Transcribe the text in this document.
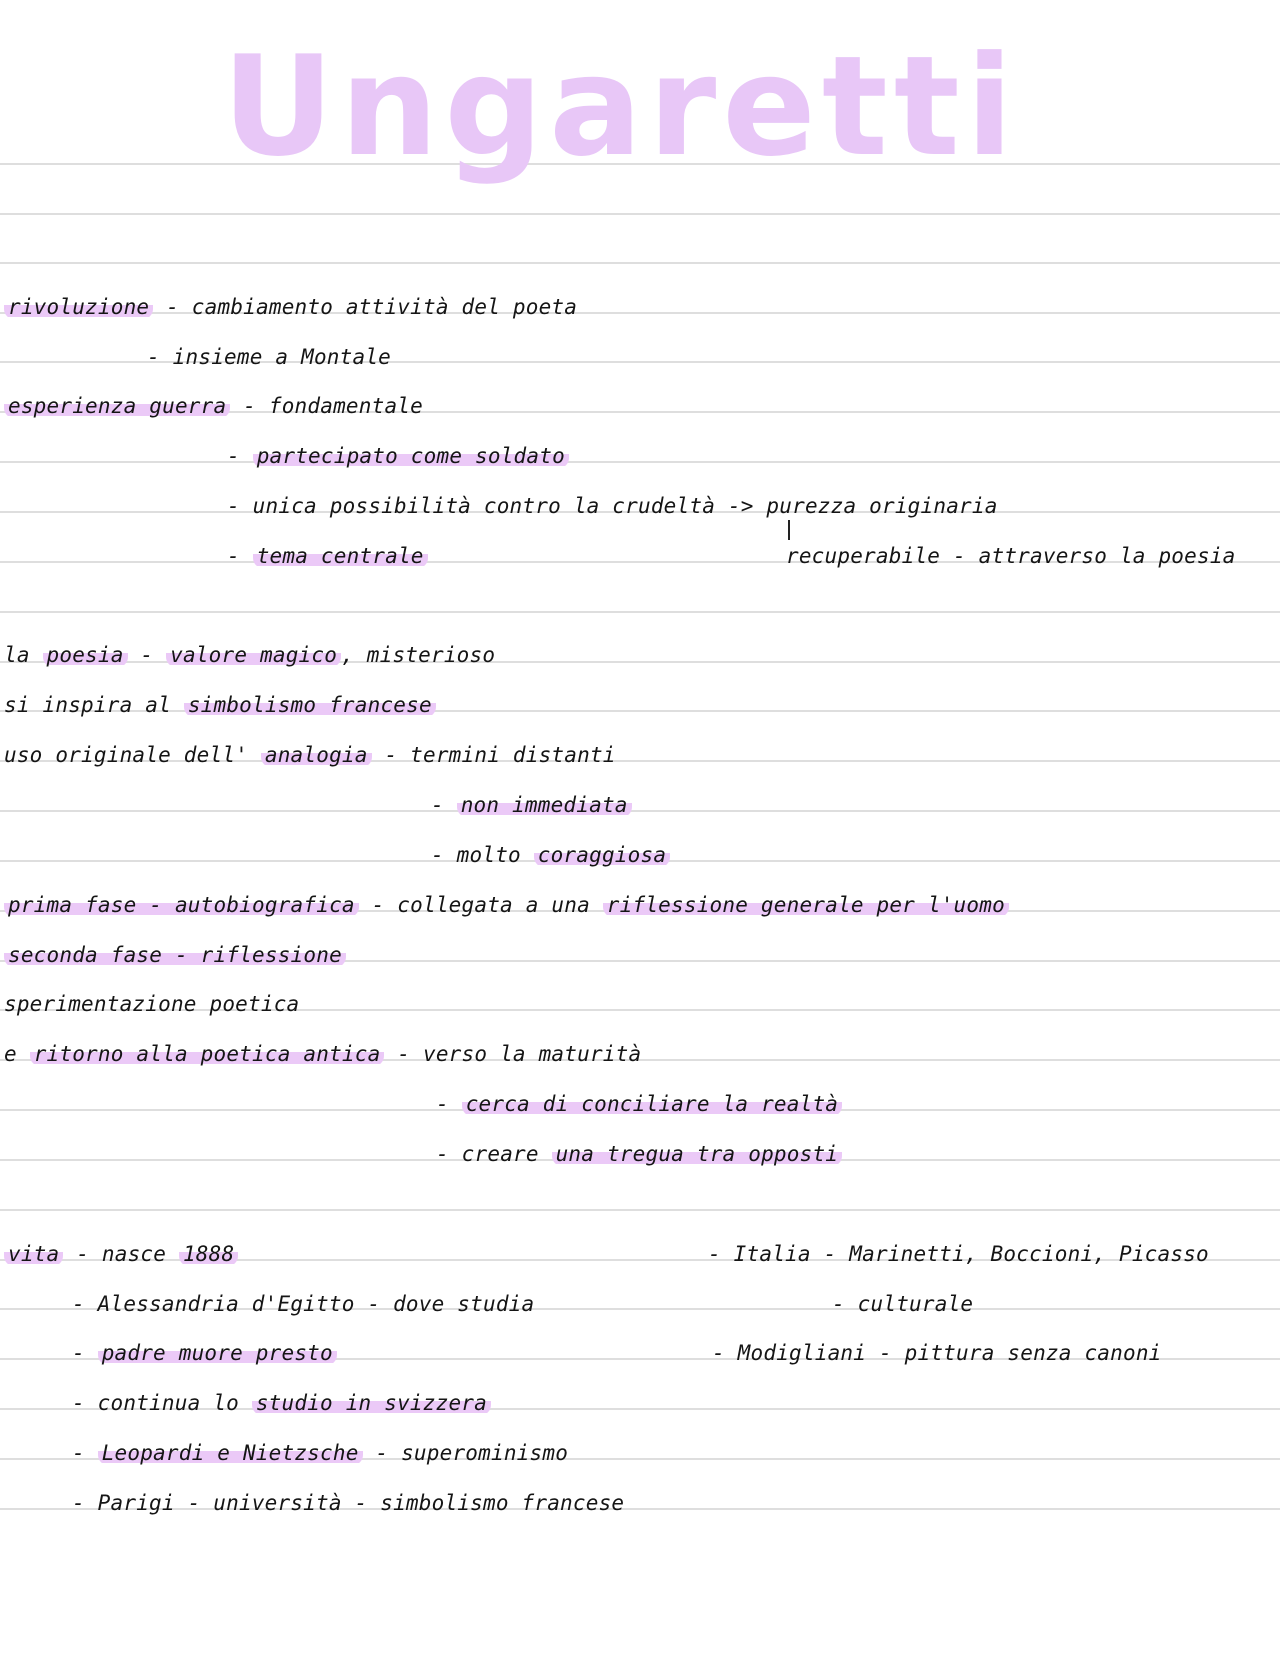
Ungaretti
rivoluzione - cambiamento attività del poeta
- insieme a Montale
esperienza guerra - fondamentale
- partecipato come soldato
- unica possibilità contro la crudeltà -> purezza originaria
- tema centrale	recuperabile - attraverso la poesia
la poesia - valore magico , misterioso
si inspira al simbolismo francese
uso originale dell' analogia - termini distanti
- non immediata
- molto coraggiosa
prima fase - autobiografica - collegata a una riflessione generale per l'uomo
seconda fase - riflessione
sperimentazione poetica
e ritorno alla poetica antica - verso la maturità
- cerca di conciliare la realtà
- creare una tregua tra opposti
vita - nasce 1888
- Alessandria d'Egitto - dove studia
- padre muore presto
- continua lo studio in svizzera
- Leopardi e Nietzsche - superominismo
- Parigi - università - simbolismo francese
- Italia - Marinetti, Boccioni, Picasso
- culturale
- Modigliani - pittura senza canoni
